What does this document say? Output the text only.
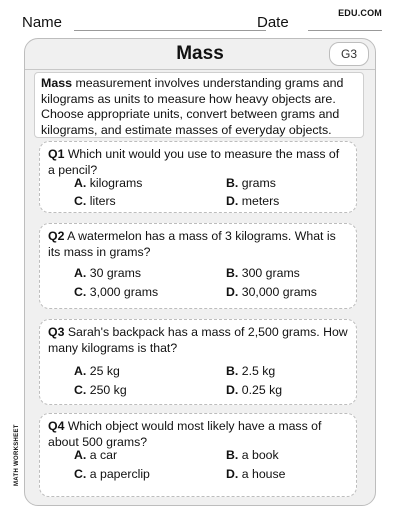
Name	Date
EDU.COM
Mass	G3
Mass measurement involves understanding grams and kilograms as units to measure how heavy objects are. Choose appropriate units, convert between grams and kilograms, and estimate masses of everyday objects.
Q1 Which unit would you use to measure the mass of a pencil?
A. kilograms	B. grams
C. liters	D. meters
Q2 A watermelon has a mass of 3 kilograms. What is its mass in grams?
A. 30 grams	B. 300 grams
C. 3,000 grams	D. 30,000 grams
Q3 Sarah's backpack has a mass of 2,500 grams. How many kilograms is that?
A. 25 kg	B. 2.5 kg
C. 250 kg	D. 0.25 kg
Q4 Which object would most likely have a mass of about 500 grams?
A. a car	B. a book
C. a paperclip	D. a house
MATH WORKSHEET
